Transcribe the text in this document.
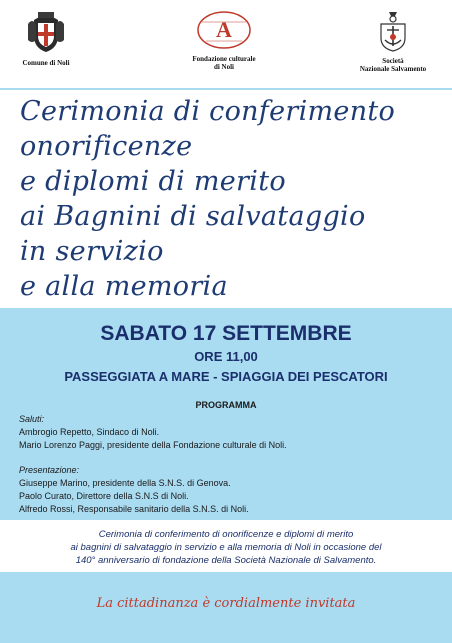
Comune di Noli
A
Fondazione culturale
di Noli
Società
Nazionale Salvamento
Cerimonia di conferimento
onorificenze
e diplomi di merito
ai Bagnini di salvataggio
in servizio
e alla memoria
SABATO 17 SETTEMBRE
ORE 11,00
PASSEGGIATA A MARE - SPIAGGIA DEI PESCATORI
PROGRAMMA
Saluti:
Ambrogio Repetto, Sindaco di Noli.
Mario Lorenzo Paggi, presidente della Fondazione culturale di Noli.
Presentazione:
Giuseppe Marino, presidente della S.N.S. di Genova.
Paolo Curato, Direttore della S.N.S di Noli.
Alfredo Rossi, Responsabile sanitario della S.N.S. di Noli.
Cerimonia di conferimento di onorificenze e diplomi di merito
ai bagnini di salvataggio in servizio e alla memoria di Noli in occasione del
140° anniversario di fondazione della Società Nazionale di Salvamento.
La cittadinanza è cordialmente invitata
